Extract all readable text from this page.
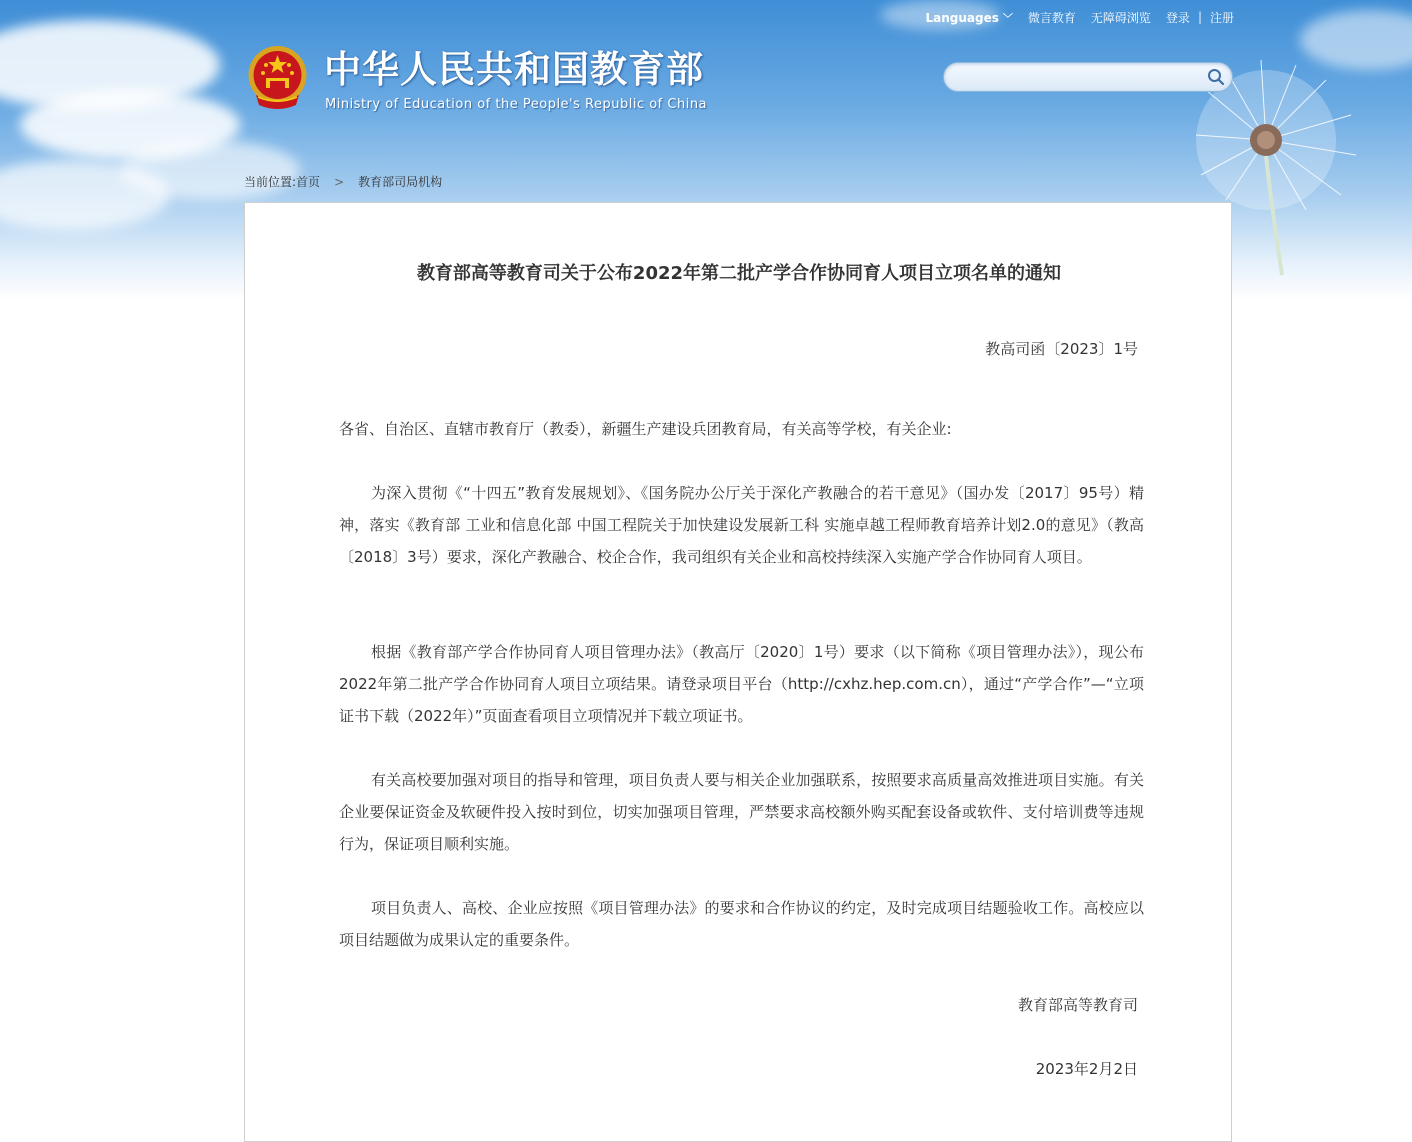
Languages ﹀ 微言教育 无障碍浏览 登录 | 注册
中华人民共和国教育部
Ministry of Education of the People's Republic of China
当前位置:首页 > 教育部司局机构
教育部高等教育司关于公布2022年第二批产学合作协同育人项目立项名单的通知
教高司函〔2023〕1号
各省、自治区、直辖市教育厅（教委），新疆生产建设兵团教育局，有关高等学校，有关企业:

为深入贯彻《“十四五”教育发展规划》、《国务院办公厅关于深化产教融合的若干意见》（国办发〔2017〕95号）精神，落实《教育部 工业和信息化部 中国工程院关于加快建设发展新工科 实施卓越工程师教育培养计划2.0的意见》（教高〔2018〕3号）要求，深化产教融合、校企合作，我司组织有关企业和高校持续深入实施产学合作协同育人项目。

根据《教育部产学合作协同育人项目管理办法》（教高厅〔2020〕1号）要求（以下简称《项目管理办法》），现公布2022年第二批产学合作协同育人项目立项结果。请登录项目平台（http://cxhz.hep.com.cn），通过“产学合作”—“立项证书下载（2022年）”页面查看项目立项情况并下载立项证书。

有关高校要加强对项目的指导和管理，项目负责人要与相关企业加强联系，按照要求高质量高效推进项目实施。有关企业要保证资金及软硬件投入按时到位，切实加强项目管理，严禁要求高校额外购买配套设备或软件、支付培训费等违规行为，保证项目顺利实施。

项目负责人、高校、企业应按照《项目管理办法》的要求和合作协议的约定，及时完成项目结题验收工作。高校应以项目结题做为成果认定的重要条件。

教育部高等教育司
2023年2月2日
